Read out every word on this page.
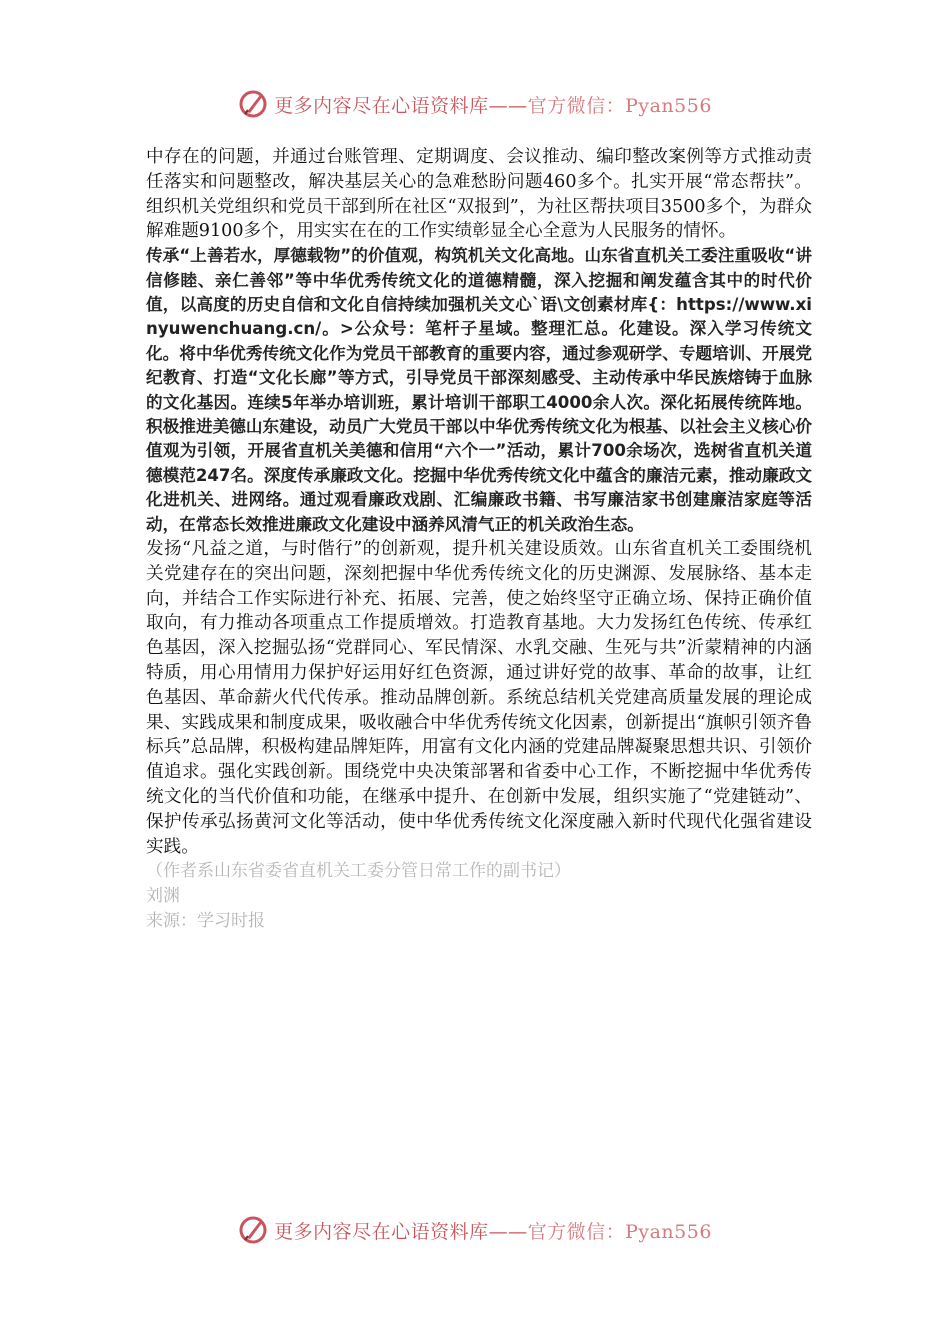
更多内容尽在心语资料库——官方微信：Pyan556

中存在的问题，并通过台账管理、定期调度、会议推动、编印整改案例等方式推动责任落实和问题整改，解决基层关心的急难愁盼问题460多个。扎实开展“常态帮扶”。组织机关党组织和党员干部到所在社区“双报到”，为社区帮扶项目3500多个，为群众解难题9100多个，用实实在在的工作实绩彰显全心全意为人民服务的情怀。

传承“上善若水，厚德载物”的价值观，构筑机关文化高地。山东省直机关工委注重吸收“讲信修睦、亲仁善邻”等中华优秀传统文化的道德精髓，深入挖掘和阐发蕴含其中的时代价值，以高度的历史自信和文化自信持续加强机关文心`语\文创素材库{：https://www.xinyuwenchuang.cn/。>公众号：笔杆子星域。整理汇总。化建设。深入学习传统文化。将中华优秀传统文化作为党员干部教育的重要内容，通过参观研学、专题培训、开展党纪教育、打造“文化长廊”等方式，引导党员干部深刻感受、主动传承中华民族熔铸于血脉的文化基因。连续5年举办培训班，累计培训干部职工4000余人次。深化拓展传统阵地。积极推进美德山东建设，动员广大党员干部以中华优秀传统文化为根基、以社会主义核心价值观为引领，开展省直机关美德和信用“六个一”活动，累计700余场次，选树省直机关道德模范247名。深度传承廉政文化。挖掘中华优秀传统文化中蕴含的廉洁元素，推动廉政文化进机关、进网络。通过观看廉政戏剧、汇编廉政书籍、书写廉洁家书创建廉洁家庭等活动，在常态长效推进廉政文化建设中涵养风清气正的机关政治生态。

发扬“凡益之道，与时偕行”的创新观，提升机关建设质效。山东省直机关工委围绕机关党建存在的突出问题，深刻把握中华优秀传统文化的历史渊源、发展脉络、基本走向，并结合工作实际进行补充、拓展、完善，使之始终坚守正确立场、保持正确价值取向，有力推动各项重点工作提质增效。打造教育基地。大力发扬红色传统、传承红色基因，深入挖掘弘扬“党群同心、军民情深、水乳交融、生死与共”沂蒙精神的内涵特质，用心用情用力保护好运用好红色资源，通过讲好党的故事、革命的故事，让红色基因、革命薪火代代传承。推动品牌创新。系统总结机关党建高质量发展的理论成果、实践成果和制度成果，吸收融合中华优秀传统文化因素，创新提出“旗帜引领齐鲁标兵”总品牌，积极构建品牌矩阵，用富有文化内涵的党建品牌凝聚思想共识、引领价值追求。强化实践创新。围绕党中央决策部署和省委中心工作，不断挖掘中华优秀传统文化的当代价值和功能，在继承中提升、在创新中发展，组织实施了“党建链动”、保护传承弘扬黄河文化等活动，使中华优秀传统文化深度融入新时代现代化强省建设实践。

（作者系山东省委省直机关工委分管日常工作的副书记）

刘渊

来源：学习时报

更多内容尽在心语资料库——官方微信：Pyan556
